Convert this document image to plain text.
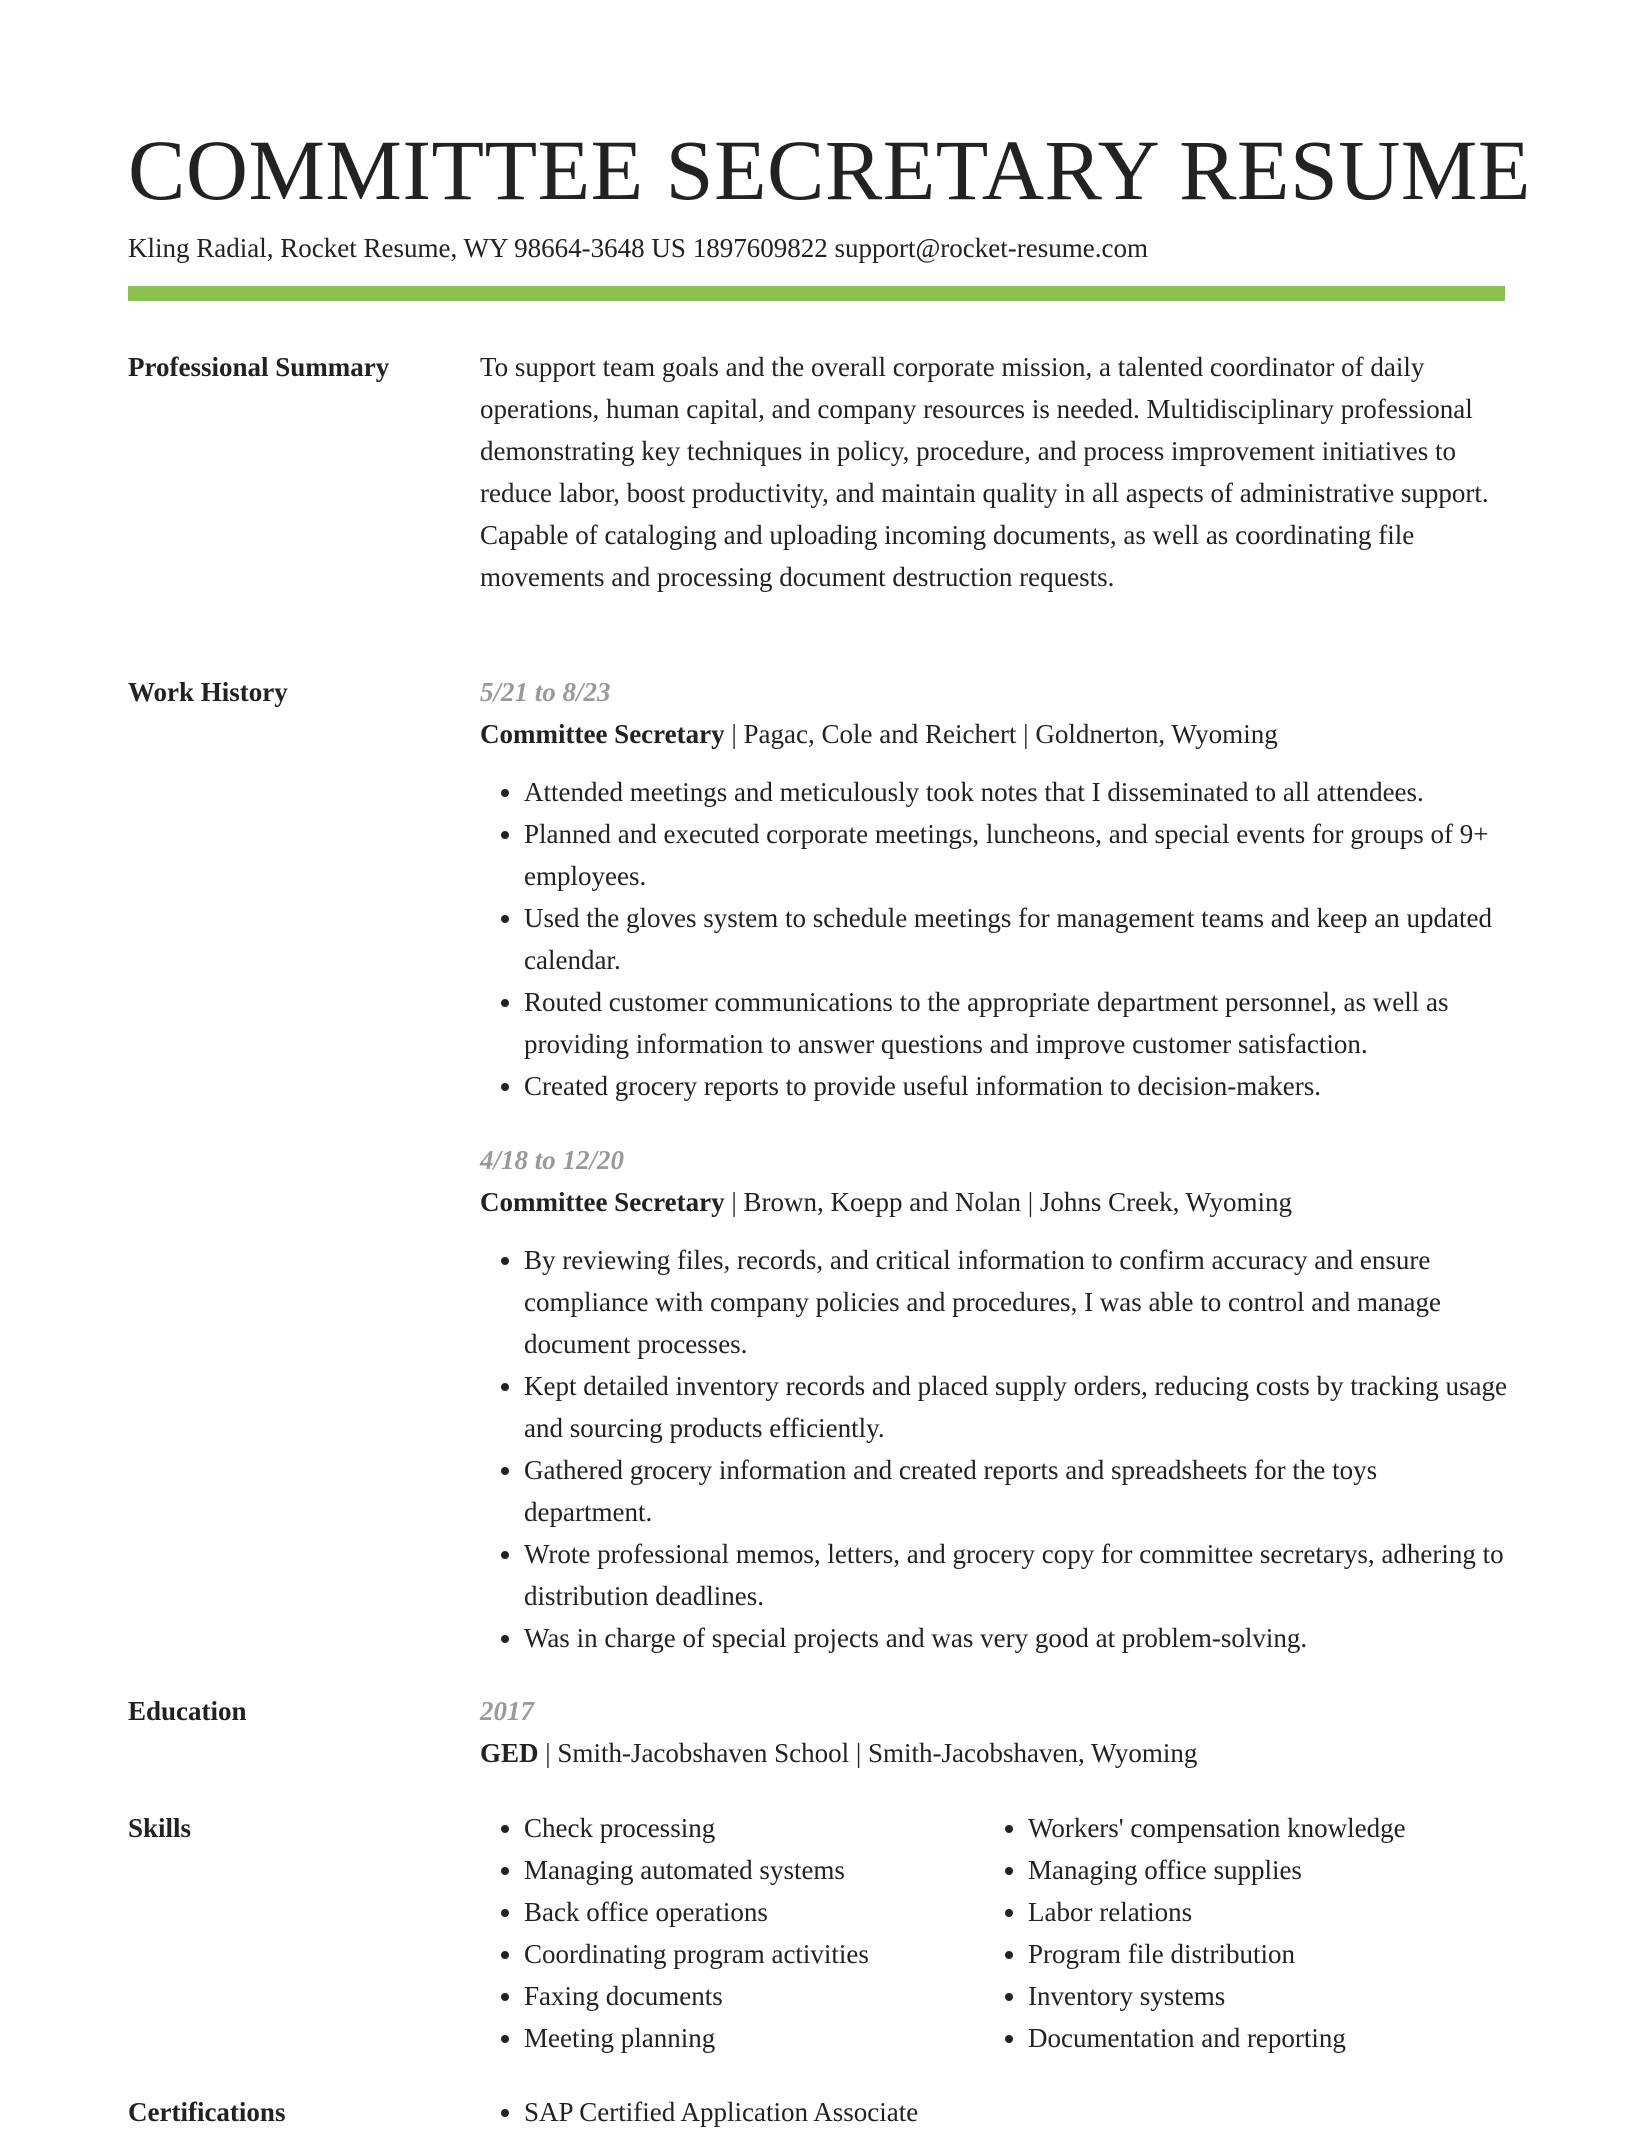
COMMITTEE SECRETARY RESUME
Kling Radial, Rocket Resume, WY 98664-3648 US 1897609822 support@rocket-resume.com
Professional Summary	To support team goals and the overall corporate mission, a talented coordinator of daily operations, human capital, and company resources is needed. Multidisciplinary professional demonstrating key techniques in policy, procedure, and process improvement initiatives to reduce labor, boost productivity, and maintain quality in all aspects of administrative support. Capable of cataloging and uploading incoming documents, as well as coordinating file movements and processing document destruction requests.

Work History	5/21 to 8/23
Committee Secretary | Pagac, Cole and Reichert | Goldnerton, Wyoming
• Attended meetings and meticulously took notes that I disseminated to all attendees.
• Planned and executed corporate meetings, luncheons, and special events for groups of 9+ employees.
• Used the gloves system to schedule meetings for management teams and keep an updated calendar.
• Routed customer communications to the appropriate department personnel, as well as providing information to answer questions and improve customer satisfaction.
• Created grocery reports to provide useful information to decision-makers.
4/18 to 12/20
Committee Secretary | Brown, Koepp and Nolan | Johns Creek, Wyoming
• By reviewing files, records, and critical information to confirm accuracy and ensure compliance with company policies and procedures, I was able to control and manage document processes.
• Kept detailed inventory records and placed supply orders, reducing costs by tracking usage and sourcing products efficiently.
• Gathered grocery information and created reports and spreadsheets for the toys department.
• Wrote professional memos, letters, and grocery copy for committee secretarys, adhering to distribution deadlines.
• Was in charge of special projects and was very good at problem-solving.
Education	2017
GED | Smith-Jacobshaven School | Smith-Jacobshaven, Wyoming
Skills	• Check processing
• Managing automated systems
• Back office operations
• Coordinating program activities
• Faxing documents
• Meeting planning
• Workers' compensation knowledge
• Managing office supplies
• Labor relations
• Program file distribution
• Inventory systems
• Documentation and reporting
Certifications	• SAP Certified Application Associate
